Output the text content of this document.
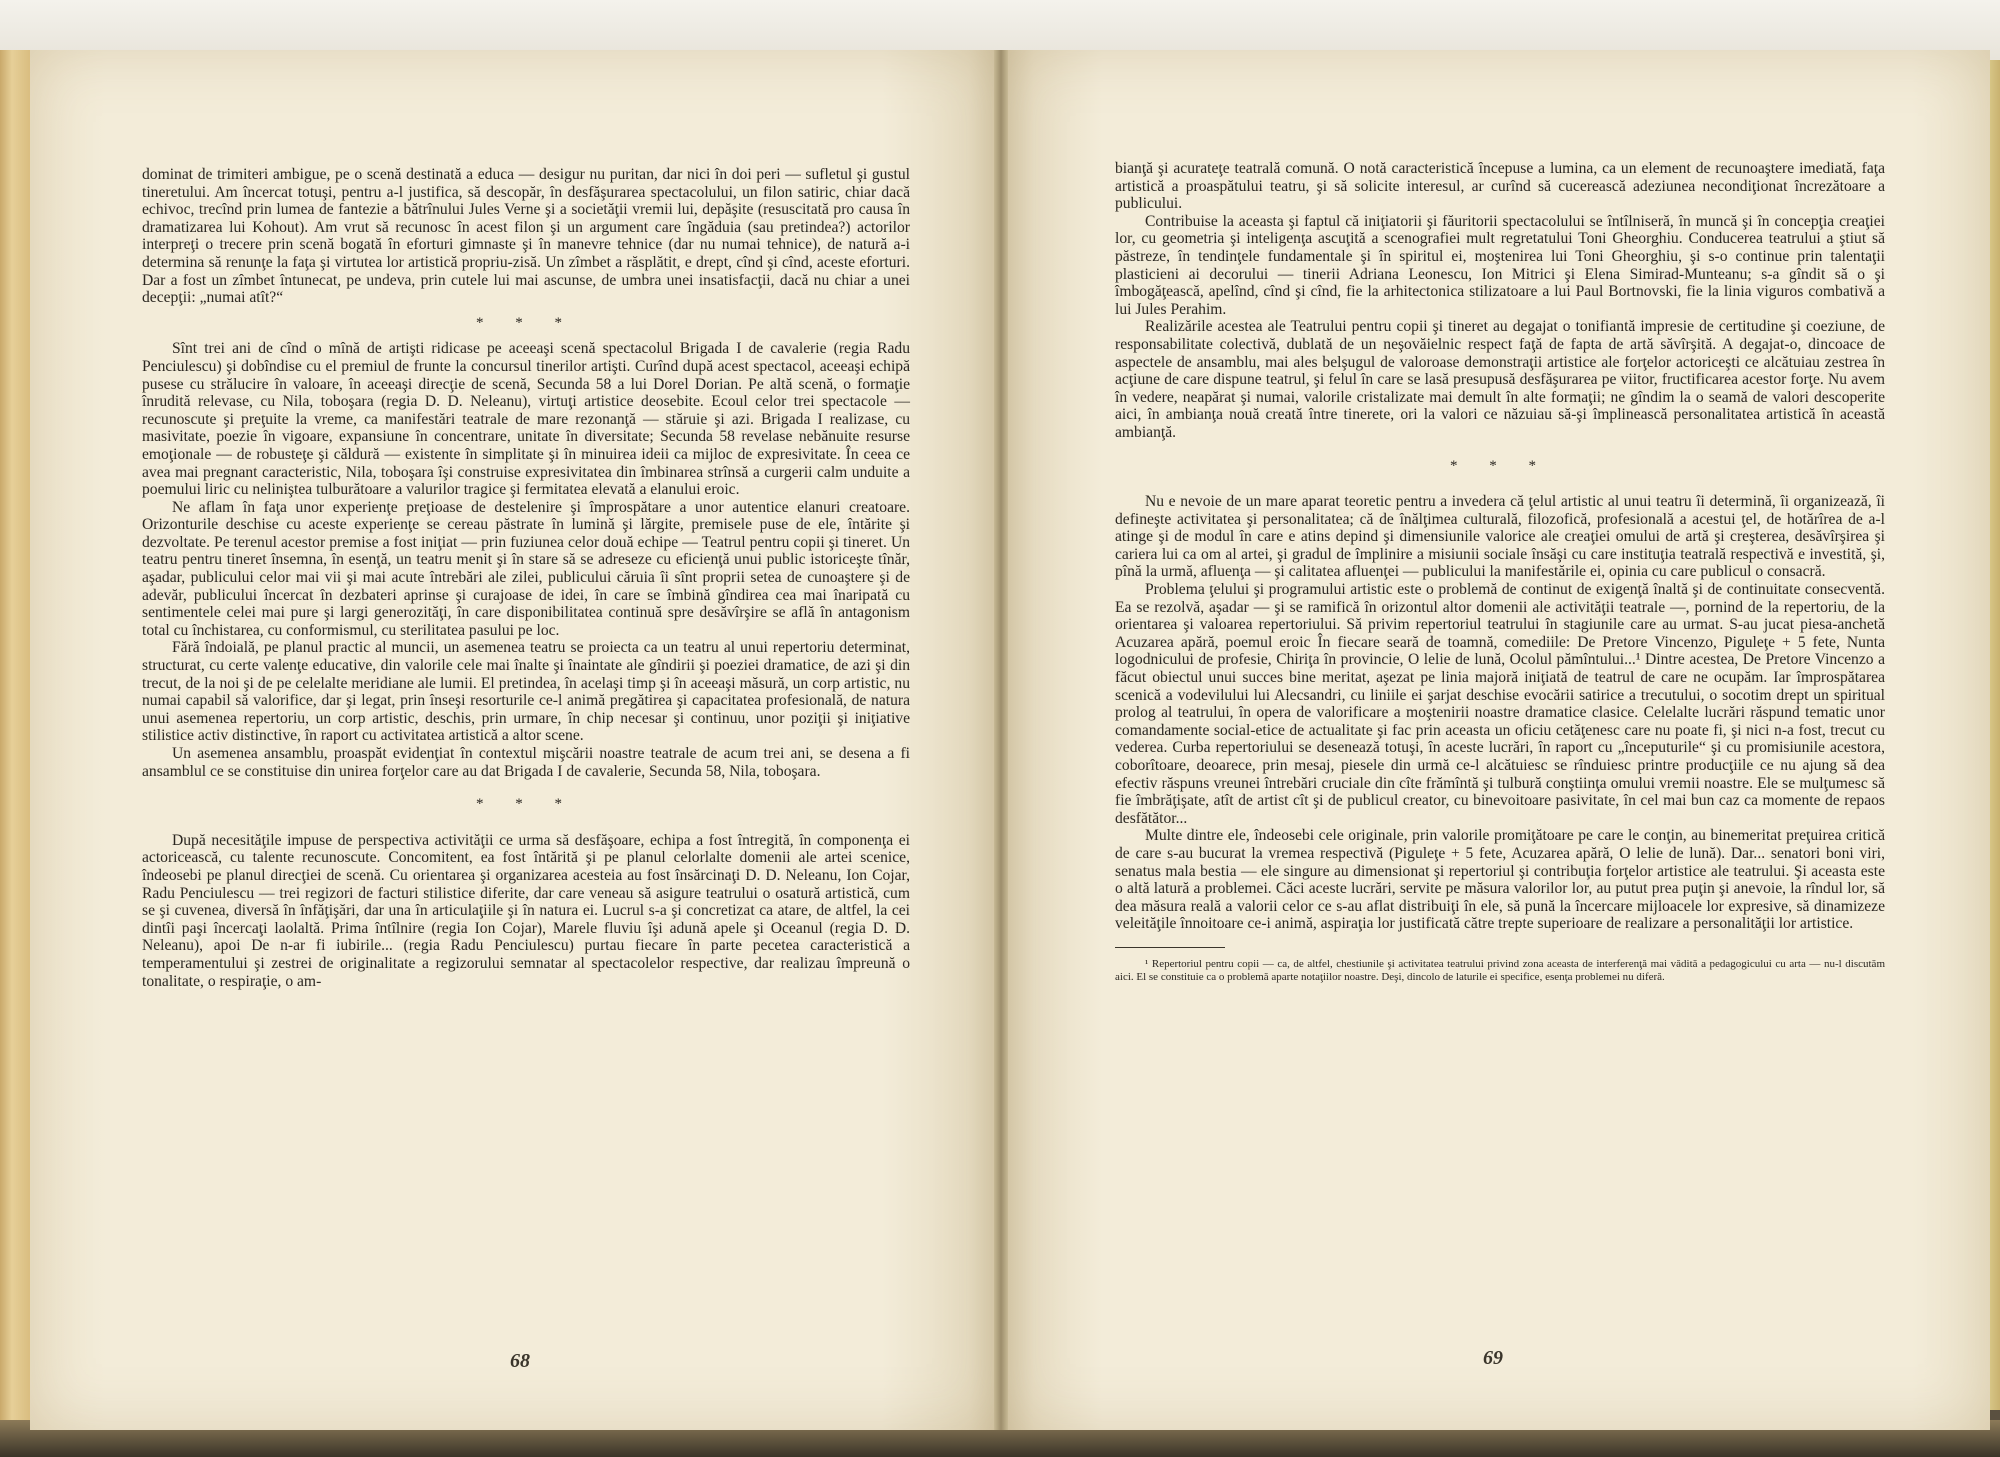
dominat de trimiteri ambigue, pe o scenă destinată a educa — desigur nu puritan, dar nici în doi peri — sufletul şi gustul tineretului. Am încercat totuşi, pentru a-l justifica, să descopăr, în desfăşurarea spectacolului, un filon satiric, chiar dacă echivoc, trecînd prin lumea de fantezie a bătrînului Jules Verne şi a societăţii vremii lui, depăşite (resuscitată pro causa în dramatizarea lui Kohout). Am vrut să recunosc în acest filon şi un argument care îngăduia (sau pretindea?) actorilor interpreţi o trecere prin scenă bogată în eforturi gimnaste şi în manevre tehnice (dar nu numai tehnice), de natură a-i determina să renunţe la faţa şi virtutea lor artistică propriu-zisă. Un zîmbet a răsplătit, e drept, cînd şi cînd, aceste eforturi. Dar a fost un zîmbet întunecat, pe undeva, prin cutele lui mai ascunse, de umbra unei insatisfacţii, dacă nu chiar a unei decepţii: „numai atît?“

* * *

Sînt trei ani de cînd o mînă de artişti ridicase pe aceeaşi scenă spectacolul Brigada I de cavalerie (regia Radu Penciulescu) şi dobîndise cu el premiul de frunte la concursul tinerilor artişti. Curînd după acest spectacol, aceeaşi echipă pusese cu strălucire în valoare, în aceeaşi direcţie de scenă, Secunda 58 a lui Dorel Dorian. Pe altă scenă, o formaţie înrudită relevase, cu Nila, toboşara (regia D. D. Neleanu), virtuţi artistice deosebite. Ecoul celor trei spectacole — recunoscute şi preţuite la vreme, ca manifestări teatrale de mare rezonanţă — stăruie şi azi. Brigada I realizase, cu masivitate, poezie în vigoare, expansiune în concentrare, unitate în diversitate; Secunda 58 revelase nebănuite resurse emoţionale — de robusteţe şi căldură — existente în simplitate şi în minuirea ideii ca mijloc de expresivitate. În ceea ce avea mai pregnant caracteristic, Nila, toboşara îşi construise expresivitatea din îmbinarea strînsă a curgerii calm unduite a poemului liric cu neliniştea tulburătoare a valurilor tragice şi fermitatea elevată a elanului eroic.

Ne aflam în faţa unor experienţe preţioase de destelenire şi împrospătare a unor autentice elanuri creatoare. Orizonturile deschise cu aceste experienţe se cereau păstrate în lumină şi lărgite, premisele puse de ele, întărite şi dezvoltate. Pe terenul acestor premise a fost iniţiat — prin fuziunea celor două echipe — Teatrul pentru copii şi tineret. Un teatru pentru tineret însemna, în esenţă, un teatru menit şi în stare să se adreseze cu eficienţă unui public istoriceşte tînăr, aşadar, publicului celor mai vii şi mai acute întrebări ale zilei, publicului căruia îi sînt proprii setea de cunoaştere şi de adevăr, publicului încercat în dezbateri aprinse şi curajoase de idei, în care se îmbină gîndirea cea mai înaripată cu sentimentele celei mai pure şi largi generozităţi, în care disponibilitatea continuă spre desăvîrşire se află în antagonism total cu închistarea, cu conformismul, cu sterilitatea pasului pe loc.

Fără îndoială, pe planul practic al muncii, un asemenea teatru se proiecta ca un teatru al unui repertoriu determinat, structurat, cu certe valenţe educative, din valorile cele mai înalte şi înaintate ale gîndirii şi poeziei dramatice, de azi şi din trecut, de la noi şi de pe celelalte meridiane ale lumii. El pretindea, în acelaşi timp şi în aceeaşi măsură, un corp artistic, nu numai capabil să valorifice, dar şi legat, prin înseşi resorturile ce-l animă pregătirea şi capacitatea profesională, de natura unui asemenea repertoriu, un corp artistic, deschis, prin urmare, în chip necesar şi continuu, unor poziţii şi iniţiative stilistice activ distinctive, în raport cu activitatea artistică a altor scene.

Un asemenea ansamblu, proaspăt evidenţiat în contextul mişcării noastre teatrale de acum trei ani, se desena a fi ansamblul ce se constituise din unirea forţelor care au dat Brigada I de cavalerie, Secunda 58, Nila, toboşara.

* * *

După necesităţile impuse de perspectiva activităţii ce urma să desfăşoare, echipa a fost întregită, în componenţa ei actoricească, cu talente recunoscute. Concomitent, ea fost întărită şi pe planul celorlalte domenii ale artei scenice, îndeosebi pe planul direcţiei de scenă. Cu orientarea şi organizarea acesteia au fost însărcinaţi D. D. Neleanu, Ion Cojar, Radu Penciulescu — trei regizori de facturi stilistice diferite, dar care veneau să asigure teatrului o osatură artistică, cum se şi cuvenea, diversă în înfăţişări, dar una în articulaţiile şi în natura ei. Lucrul s-a şi concretizat ca atare, de altfel, la cei dintîi paşi încercaţi laolaltă. Prima întîlnire (regia Ion Cojar), Marele fluviu îşi adună apele şi Oceanul (regia D. D. Neleanu), apoi De n-ar fi iubirile... (regia Radu Penciulescu) purtau fiecare în parte pecetea caracteristică a temperamentului şi zestrei de originalitate a regizorului semnatar al spectacolelor respective, dar realizau împreună o tonalitate, o respiraţie, o am-

bianţă şi acurateţe teatrală comună. O notă caracteristică începuse a lumina, ca un element de recunoaştere imediată, faţa artistică a proaspătului teatru, şi să solicite interesul, ar curînd să cucerească adeziunea necondiţionat încrezătoare a publicului.

Contribuise la aceasta şi faptul că iniţiatorii şi făuritorii spectacolului se întîlniseră, în muncă şi în concepţia creaţiei lor, cu geometria şi inteligenţa ascuţită a scenografiei mult regretatului Toni Gheorghiu. Conducerea teatrului a ştiut să păstreze, în tendinţele fundamentale şi în spiritul ei, moştenirea lui Toni Gheorghiu, şi s-o continue prin talentaţii plasticieni ai decorului — tinerii Adriana Leonescu, Ion Mitrici şi Elena Simirad-Munteanu; s-a gîndit să o şi îmbogăţească, apelînd, cînd şi cînd, fie la arhitectonica stilizatoare a lui Paul Bortnovski, fie la linia viguros combativă a lui Jules Perahim.

Realizările acestea ale Teatrului pentru copii şi tineret au degajat o tonifiantă impresie de certitudine şi coeziune, de responsabilitate colectivă, dublată de un neşovăielnic respect faţă de fapta de artă săvîrşită. A degajat-o, dincoace de aspectele de ansamblu, mai ales belşugul de valoroase demonstraţii artistice ale forţelor actoriceşti ce alcătuiau zestrea în acţiune de care dispune teatrul, şi felul în care se lasă presupusă desfăşurarea pe viitor, fructificarea acestor forţe. Nu avem în vedere, neapărat şi numai, valorile cristalizate mai demult în alte formaţii; ne gîndim la o seamă de valori descoperite aici, în ambianţa nouă creată între tinerete, ori la valori ce năzuiau să-şi împlinească personalitatea artistică în această ambianţă.

* * *

Nu e nevoie de un mare aparat teoretic pentru a invedera că ţelul artistic al unui teatru îi determină, îi organizează, îi defineşte activitatea şi personalitatea; că de înălţimea culturală, filozofică, profesională a acestui ţel, de hotărîrea de a-l atinge şi de modul în care e atins depind şi dimensiunile valorice ale creaţiei omului de artă şi creşterea, desăvîrşirea şi cariera lui ca om al artei, şi gradul de împlinire a misiunii sociale însăşi cu care instituţia teatrală respectivă e investită, şi, pînă la urmă, afluenţa — şi calitatea afluenţei — publicului la manifestările ei, opinia cu care publicul o consacră.

Problema ţelului şi programului artistic este o problemă de continut de exigenţă înaltă şi de continuitate consecventă. Ea se rezolvă, aşadar — şi se ramifică în orizontul altor domenii ale activităţii teatrale —, pornind de la repertoriu, de la orientarea şi valoarea repertoriului. Să privim repertoriul teatrului în stagiunile care au urmat. S-au jucat piesa-anchetă Acuzarea apără, poemul eroic În fiecare seară de toamnă, comediile: De Pretore Vincenzo, Piguleţe + 5 fete, Nunta logodnicului de profesie, Chiriţa în provincie, O lelie de lună, Ocolul pămîntului...¹ Dintre acestea, De Pretore Vincenzo a făcut obiectul unui succes bine meritat, aşezat pe linia majoră iniţiată de teatrul de care ne ocupăm. Iar împrospătarea scenică a vodevilului lui Alecsandri, cu liniile ei şarjat deschise evocării satirice a trecutului, o socotim drept un spiritual prolog al teatrului, în opera de valorificare a moştenirii noastre dramatice clasice. Celelalte lucrări răspund tematic unor comandamente social-etice de actualitate şi fac prin aceasta un oficiu cetăţenesc care nu poate fi, şi nici n-a fost, trecut cu vederea. Curba repertoriului se desenează totuşi, în aceste lucrări, în raport cu „începuturile“ şi cu promisiunile acestora, coborîtoare, deoarece, prin mesaj, piesele din urmă ce-l alcătuiesc se rînduiesc printre producţiile ce nu ajung să dea efectiv răspuns vreunei întrebări cruciale din cîte frămîntă şi tulbură conştiinţa omului vremii noastre. Ele se mulţumesc să fie îmbrăţişate, atît de artist cît şi de publicul creator, cu binevoitoare pasivitate, în cel mai bun caz ca momente de repaos desfătător...

Multe dintre ele, îndeosebi cele originale, prin valorile promiţătoare pe care le conţin, au binemeritat preţuirea critică de care s-au bucurat la vremea respectivă (Piguleţe + 5 fete, Acuzarea apără, O lelie de lună). Dar... senatori boni viri, senatus mala bestia — ele singure au dimensionat şi repertoriul şi contribuţia forţelor artistice ale teatrului. Şi aceasta este o altă latură a problemei. Căci aceste lucrări, servite pe măsura valorilor lor, au putut prea puţin şi anevoie, la rîndul lor, să dea măsura reală a valorii celor ce s-au aflat distribuiţi în ele, să pună la încercare mijloacele lor expresive, să dinamizeze veleităţile înnoitoare ce-i animă, aspiraţia lor justificată către trepte superioare de realizare a personalităţii lor artistice.

¹ Repertoriul pentru copii — ca, de altfel, chestiunile şi activitatea teatrului privind zona aceasta de interferenţă mai vădită a pedagogicului cu arta — nu-l discutăm aici. El se constituie ca o problemă aparte notaţiilor noastre. Deşi, dincolo de laturile ei specifice, esenţa problemei nu diferă.

68	69
